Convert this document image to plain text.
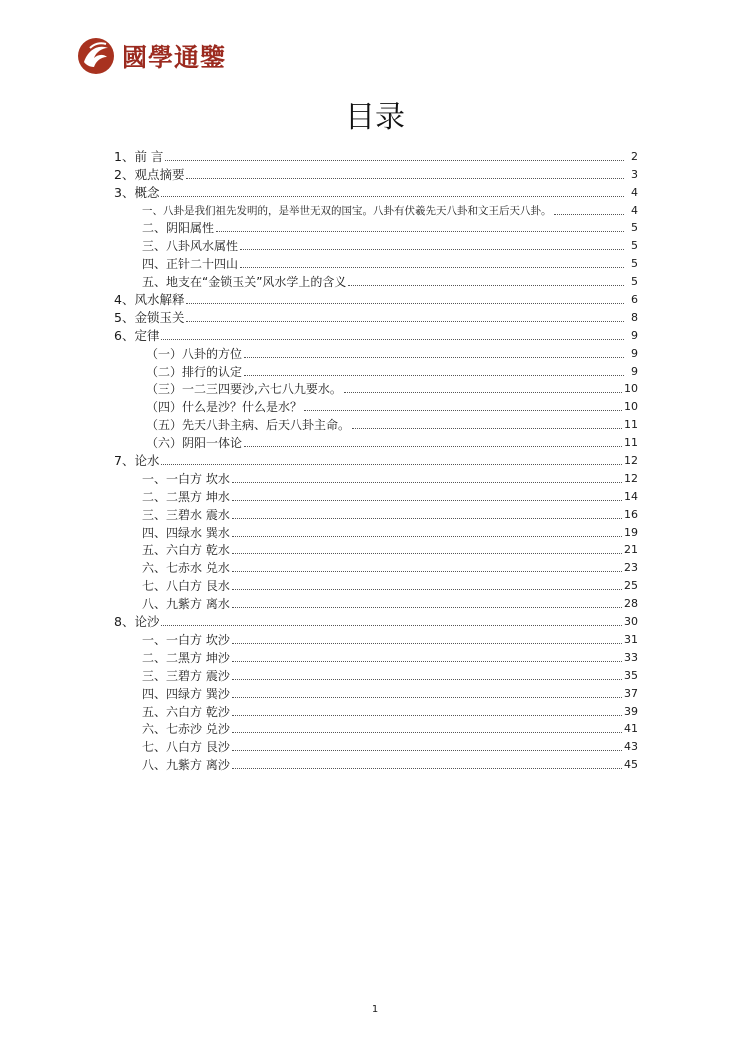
國學通鑒
目录
1、前 言	2
2、观点摘要	3
3、概念	4
一、八卦是我们祖先发明的，是举世无双的国宝。八卦有伏羲先天八卦和文王后天八卦。	4
二、阴阳属性	5
三、八卦风水属性	5
四、正针二十四山	5
五、地支在“金锁玉关”风水学上的含义	5
4、风水解释	6
5、金锁玉关	8
6、定律	9
（一）八卦的方位	9
（二）排行的认定	9
（三）一二三四要沙,六七八九要水。	10
（四）什么是沙？什么是水？	10
（五）先天八卦主病、后天八卦主命。	11
（六）阴阳一体论	11
7、论水	12
一、一白方 坎水	12
二、二黑方 坤水	14
三、三碧水 震水	16
四、四绿水 巽水	19
五、六白方 乾水	21
六、七赤水 兑水	23
七、八白方 艮水	25
八、九紫方 离水	28
8、论沙	30
一、一白方 坎沙	31
二、二黑方 坤沙	33
三、三碧方 震沙	35
四、四绿方 巽沙	37
五、六白方 乾沙	39
六、七赤沙 兑沙	41
七、八白方 艮沙	43
八、九紫方 离沙	45
1
